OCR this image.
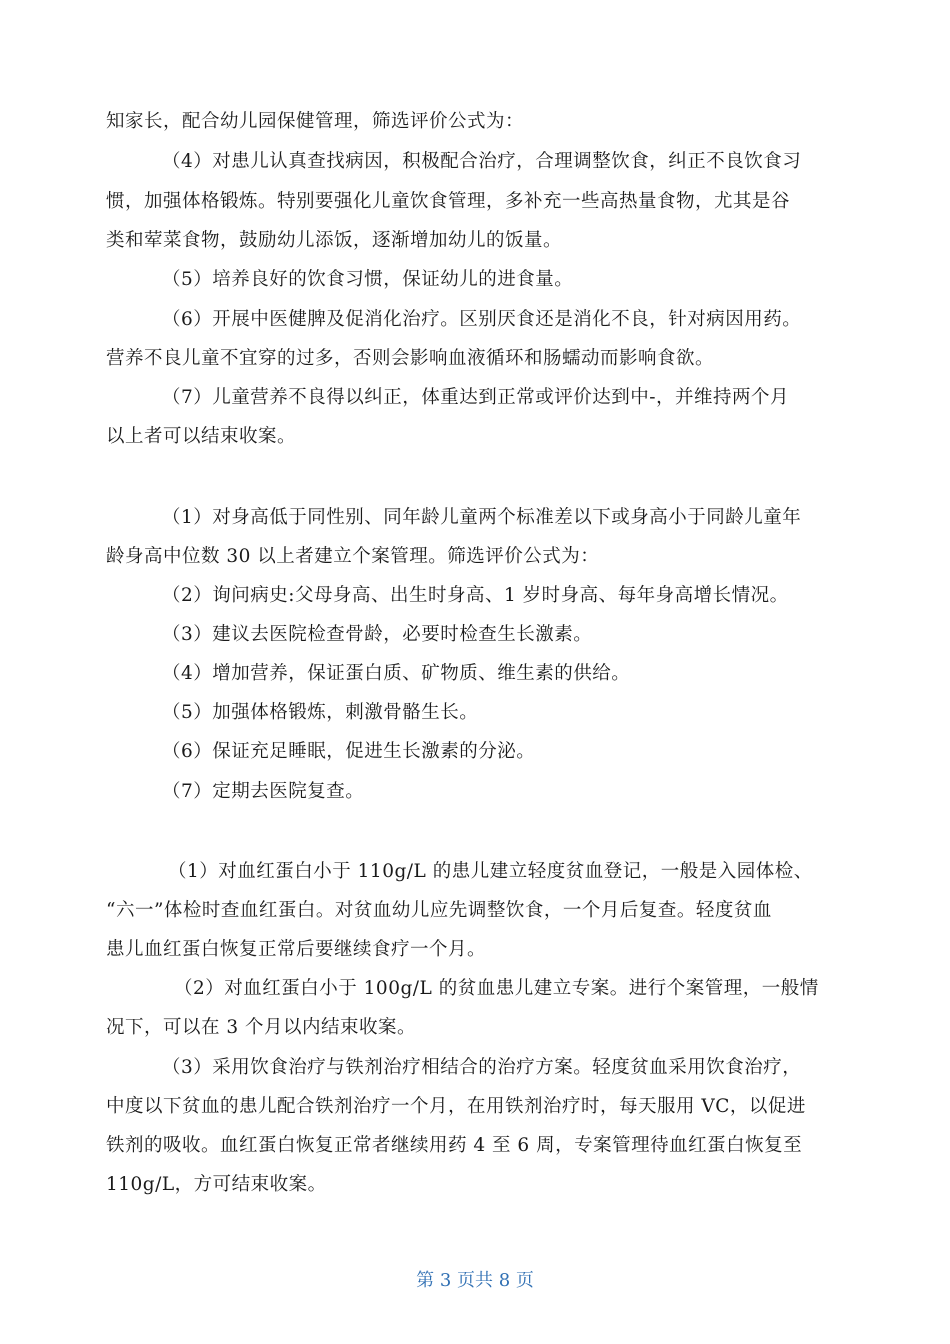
知家长，配合幼儿园保健管理，筛选评价公式为：
（4）对患儿认真查找病因，积极配合治疗，合理调整饮食，纠正不良饮食习
惯，加强体格锻炼。特别要强化儿童饮食管理，多补充一些高热量食物，尤其是谷
类和荤菜食物，鼓励幼儿添饭，逐渐增加幼儿的饭量。
（5）培养良好的饮食习惯，保证幼儿的进食量。
（6）开展中医健脾及促消化治疗。区别厌食还是消化不良，针对病因用药。
营养不良儿童不宜穿的过多，否则会影响血液循环和肠蠕动而影响食欲。
（7）儿童营养不良得以纠正，体重达到正常或评价达到中-，并维持两个月
以上者可以结束收案。
（1）对身高低于同性别、同年龄儿童两个标准差以下或身高小于同龄儿童年
龄身高中位数 30 以上者建立个案管理。筛选评价公式为：
（2）询问病史:父母身高、出生时身高、1 岁时身高、每年身高增长情况。
（3）建议去医院检查骨龄，必要时检查生长激素。
（4）增加营养，保证蛋白质、矿物质、维生素的供给。
（5）加强体格锻炼，刺激骨骼生长。
（6）保证充足睡眠，促进生长激素的分泌。
（7）定期去医院复查。
（1）对血红蛋白小于 110g/L 的患儿建立轻度贫血登记，一般是入园体检、
“六一”体检时查血红蛋白。对贫血幼儿应先调整饮食，一个月后复查。轻度贫血
患儿血红蛋白恢复正常后要继续食疗一个月。
（2）对血红蛋白小于 100g/L 的贫血患儿建立专案。进行个案管理，一般情
况下，可以在 3 个月以内结束收案。
（3）采用饮食治疗与铁剂治疗相结合的治疗方案。轻度贫血采用饮食治疗，
中度以下贫血的患儿配合铁剂治疗一个月，在用铁剂治疗时，每天服用 VC，以促进
铁剂的吸收。血红蛋白恢复正常者继续用药 4 至 6 周，专案管理待血红蛋白恢复至
110g/L，方可结束收案。
第 3 页共 8 页
